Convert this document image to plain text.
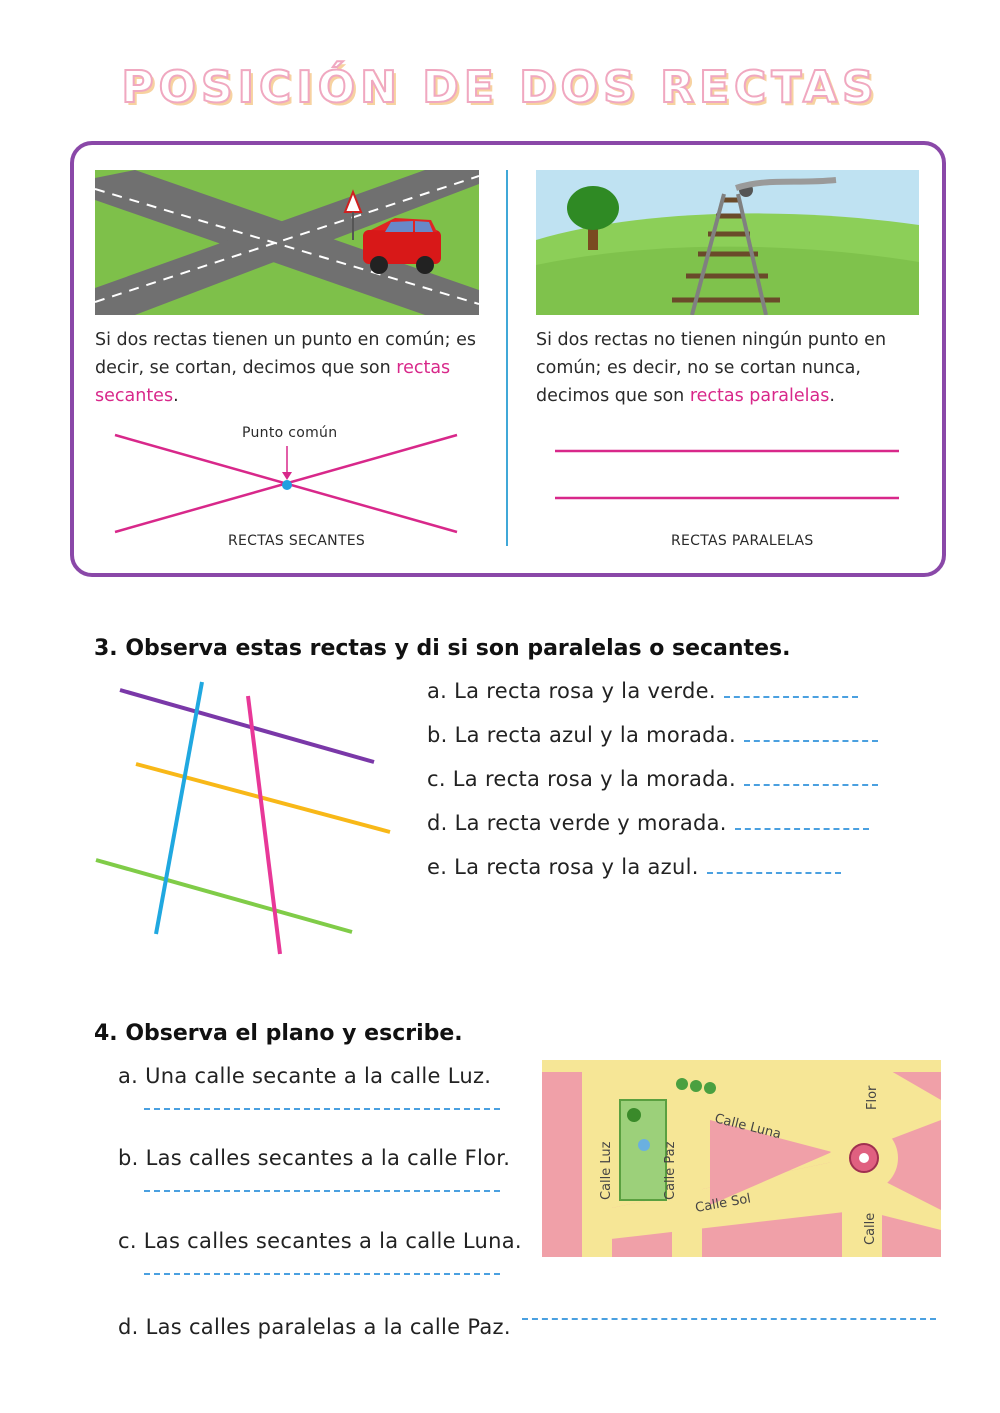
POSICIÓN DE DOS RECTAS
Si dos rectas tienen un punto en común; es decir, se cortan, decimos que son rectas secantes.
Si dos rectas no tienen ningún punto en común; es decir, no se cortan nunca, decimos que son rectas paralelas.
Punto común
RECTAS SECANTES	RECTAS PARALELAS
3. Observa estas rectas y di si son paralelas o secantes.
a. La recta rosa y la verde.
b. La recta azul y la morada.
c. La recta rosa y la morada.
d. La recta verde y morada.
e. La recta rosa y la azul.
4. Observa el plano y escribe.
a. Una calle secante a la calle Luz.
b. Las calles secantes a la calle Flor.
c. Las calles secantes a la calle Luna.
d. Las calles paralelas a la calle Paz.
Calle Luz	Calle Paz
Calle Luna
Calle Sol
Flor
Calle
